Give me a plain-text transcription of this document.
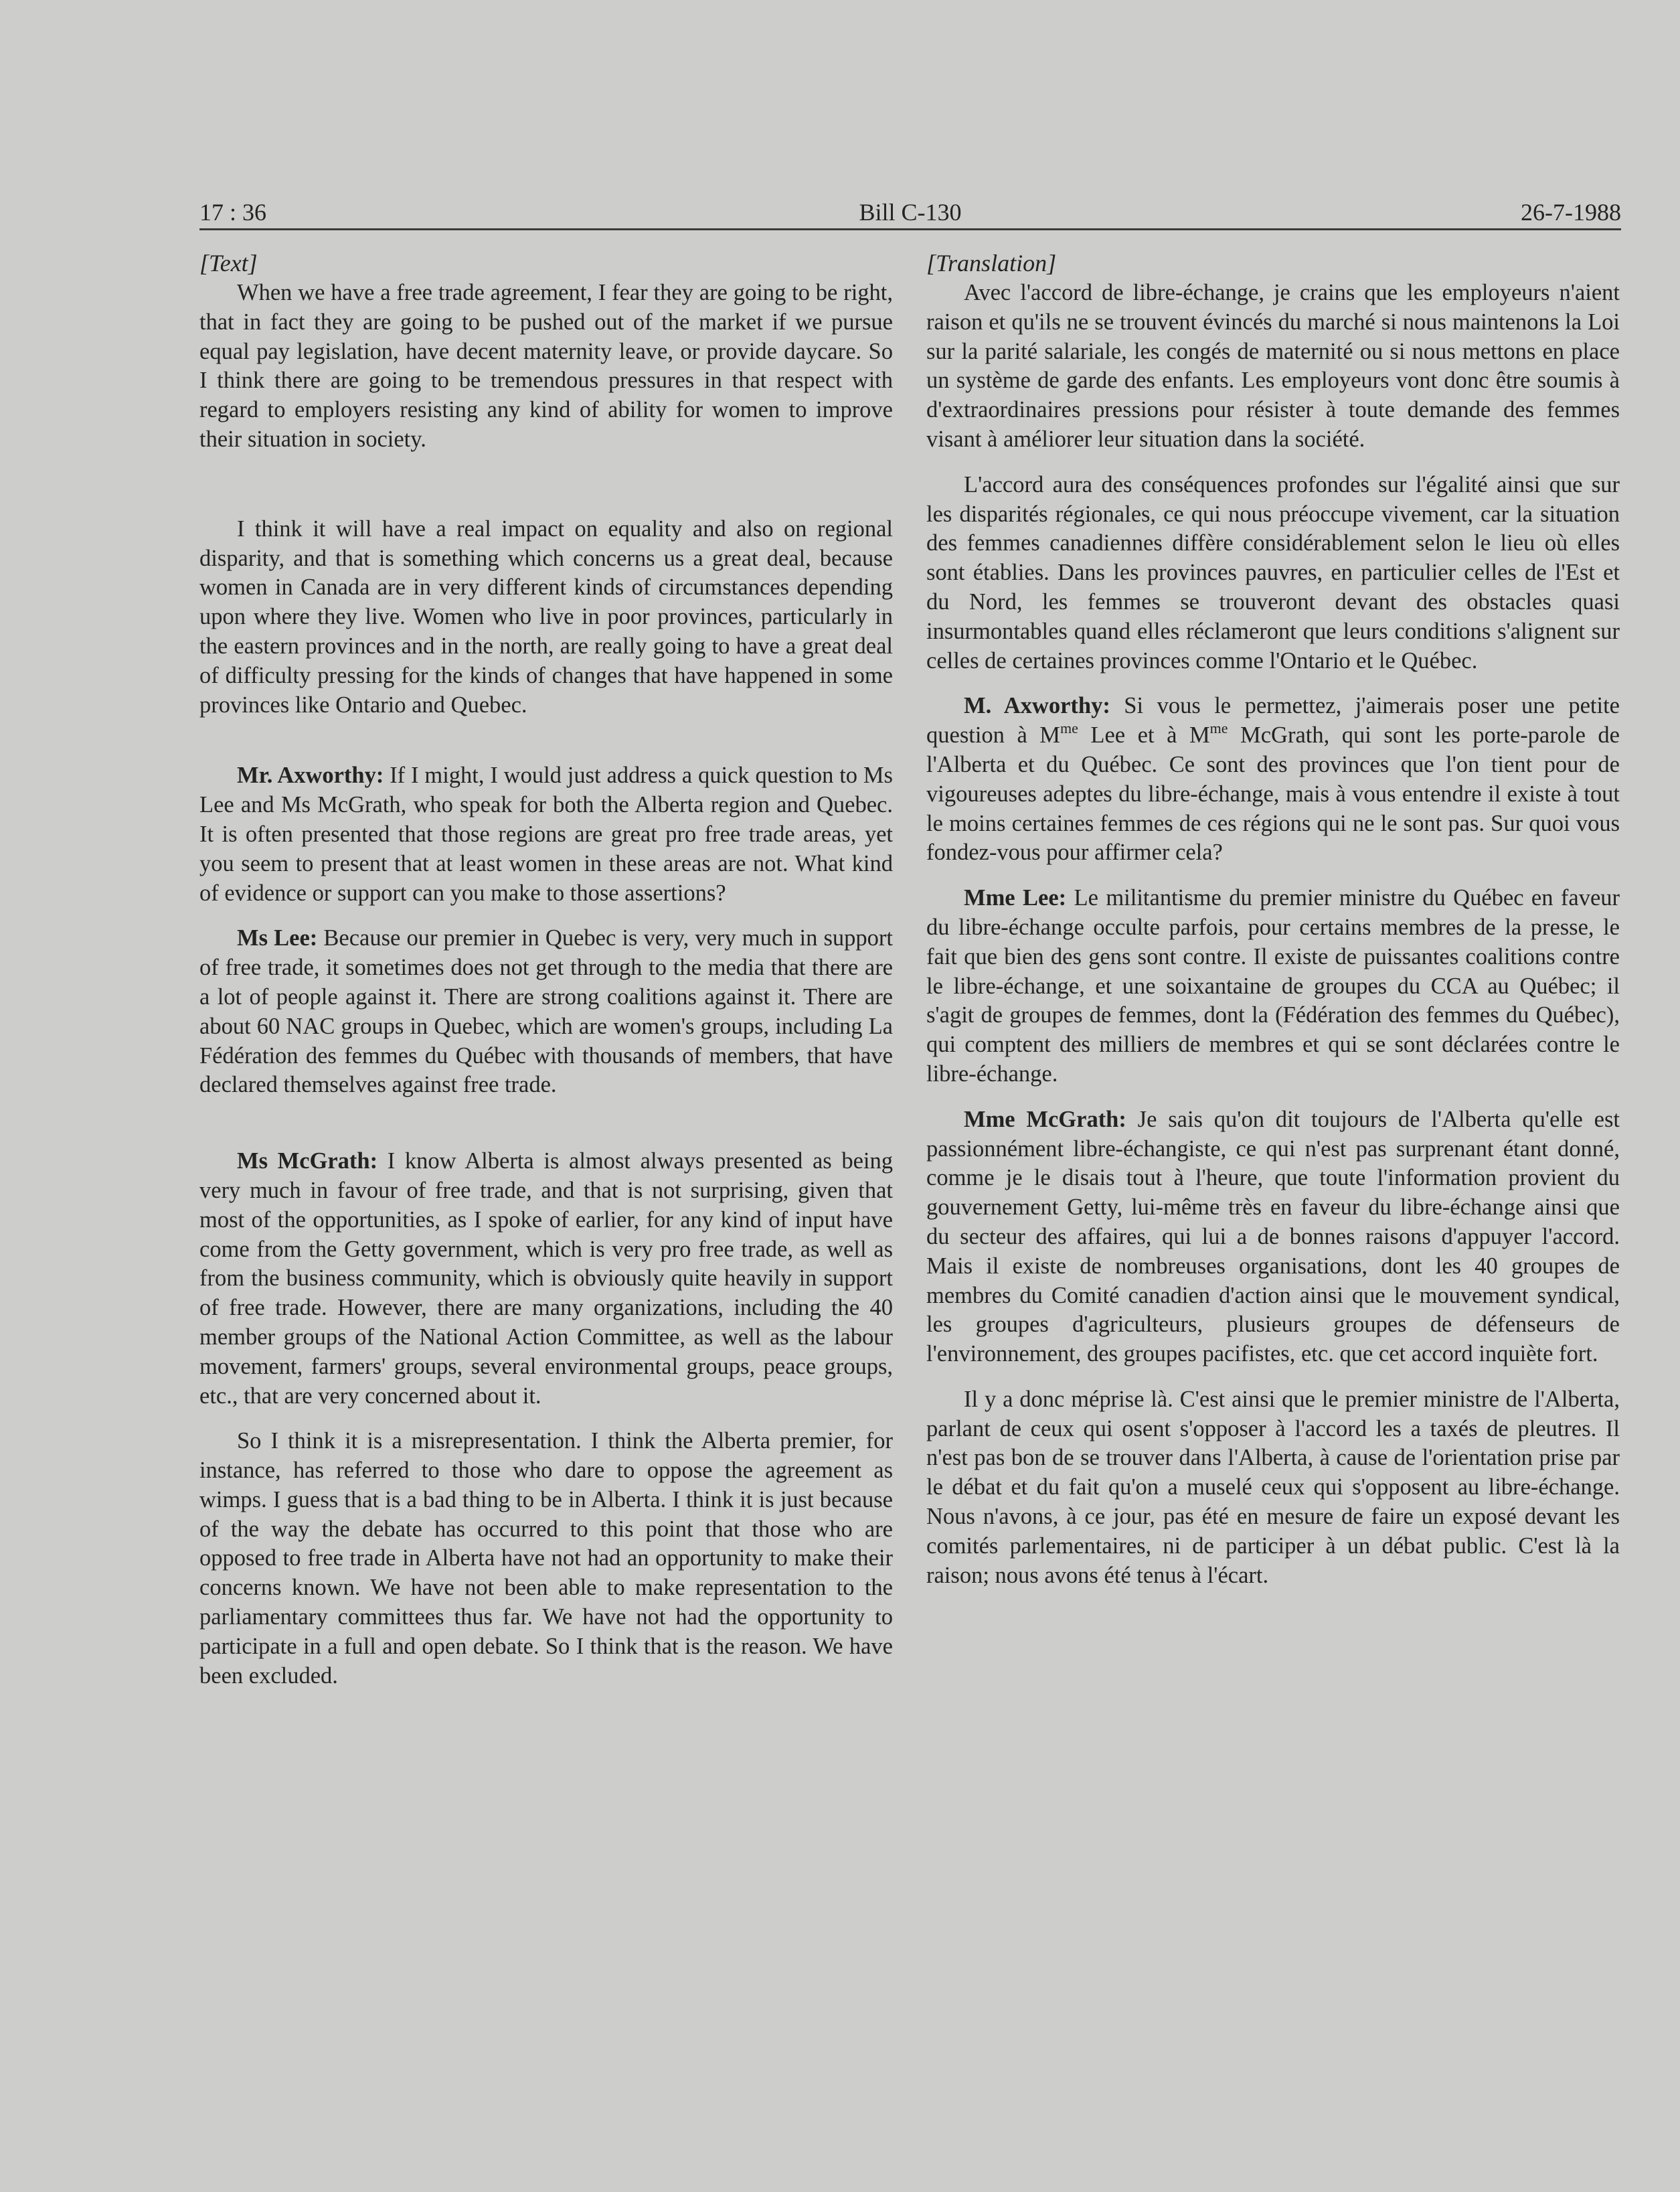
17 : 36	Bill C-130	26-7-1988
[Text]

When we have a free trade agreement, I fear they are going to be right, that in fact they are going to be pushed out of the market if we pursue equal pay legislation, have decent maternity leave, or provide daycare. So I think there are going to be tremendous pressures in that respect with regard to employers resisting any kind of ability for women to improve their situation in society.

I think it will have a real impact on equality and also on regional disparity, and that is something which concerns us a great deal, because women in Canada are in very different kinds of circumstances depending upon where they live. Women who live in poor provinces, particularly in the eastern provinces and in the north, are really going to have a great deal of difficulty pressing for the kinds of changes that have happened in some provinces like Ontario and Quebec.

Mr. Axworthy: If I might, I would just address a quick question to Ms Lee and Ms McGrath, who speak for both the Alberta region and Quebec. It is often presented that those regions are great pro free trade areas, yet you seem to present that at least women in these areas are not. What kind of evidence or support can you make to those assertions?

Ms Lee: Because our premier in Quebec is very, very much in support of free trade, it sometimes does not get through to the media that there are a lot of people against it. There are strong coalitions against it. There are about 60 NAC groups in Quebec, which are women's groups, including La Fédération des femmes du Québec with thousands of members, that have declared themselves against free trade.

Ms McGrath: I know Alberta is almost always presented as being very much in favour of free trade, and that is not surprising, given that most of the opportunities, as I spoke of earlier, for any kind of input have come from the Getty government, which is very pro free trade, as well as from the business community, which is obviously quite heavily in support of free trade. However, there are many organizations, including the 40 member groups of the National Action Committee, as well as the labour movement, farmers' groups, several environmental groups, peace groups, etc., that are very concerned about it.

So I think it is a misrepresentation. I think the Alberta premier, for instance, has referred to those who dare to oppose the agreement as wimps. I guess that is a bad thing to be in Alberta. I think it is just because of the way the debate has occurred to this point that those who are opposed to free trade in Alberta have not had an opportunity to make their concerns known. We have not been able to make representation to the parliamentary committees thus far. We have not had the opportunity to participate in a full and open debate. So I think that is the reason. We have been excluded.

[Translation]

Avec l'accord de libre-échange, je crains que les employeurs n'aient raison et qu'ils ne se trouvent évincés du marché si nous maintenons la Loi sur la parité salariale, les congés de maternité ou si nous mettons en place un système de garde des enfants. Les employeurs vont donc être soumis à d'extraordinaires pressions pour résister à toute demande des femmes visant à améliorer leur situation dans la société.

L'accord aura des conséquences profondes sur l'égalité ainsi que sur les disparités régionales, ce qui nous préoccupe vivement, car la situation des femmes canadiennes diffère considérablement selon le lieu où elles sont établies. Dans les provinces pauvres, en particulier celles de l'Est et du Nord, les femmes se trouveront devant des obstacles quasi insurmontables quand elles réclameront que leurs conditions s'alignent sur celles de certaines provinces comme l'Ontario et le Québec.

M. Axworthy: Si vous le permettez, j'aimerais poser une petite question à $M^{me}$ Lee et à $M^{me}$ McGrath, qui sont les porte-parole de l'Alberta et du Québec. Ce sont des provinces que l'on tient pour de vigoureuses adeptes du libre-échange, mais à vous entendre il existe à tout le moins certaines femmes de ces régions qui ne le sont pas. Sur quoi vous fondez-vous pour affirmer cela?

Mme Lee: Le militantisme du premier ministre du Québec en faveur du libre-échange occulte parfois, pour certains membres de la presse, le fait que bien des gens sont contre. Il existe de puissantes coalitions contre le libre-échange, et une soixantaine de groupes du CCA au Québec; il s'agit de groupes de femmes, dont la (Fédération des femmes du Québec), qui comptent des milliers de membres et qui se sont déclarées contre le libre-échange.

Mme McGrath: Je sais qu'on dit toujours de l'Alberta qu'elle est passionnément libre-échangiste, ce qui n'est pas surprenant étant donné, comme je le disais tout à l'heure, que toute l'information provient du gouvernement Getty, lui-même très en faveur du libre-échange ainsi que du secteur des affaires, qui lui a de bonnes raisons d'appuyer l'accord. Mais il existe de nombreuses organisations, dont les 40 groupes de membres du Comité canadien d'action ainsi que le mouvement syndical, les groupes d'agriculteurs, plusieurs groupes de défenseurs de l'environnement, des groupes pacifistes, etc. que cet accord inquiète fort.

Il y a donc méprise là. C'est ainsi que le premier ministre de l'Alberta, parlant de ceux qui osent s'opposer à l'accord les a taxés de pleutres. Il n'est pas bon de se trouver dans l'Alberta, à cause de l'orientation prise par le débat et du fait qu'on a muselé ceux qui s'opposent au libre-échange. Nous n'avons, à ce jour, pas été en mesure de faire un exposé devant les comités parlementaires, ni de participer à un débat public. C'est là la raison; nous avons été tenus à l'écart.
